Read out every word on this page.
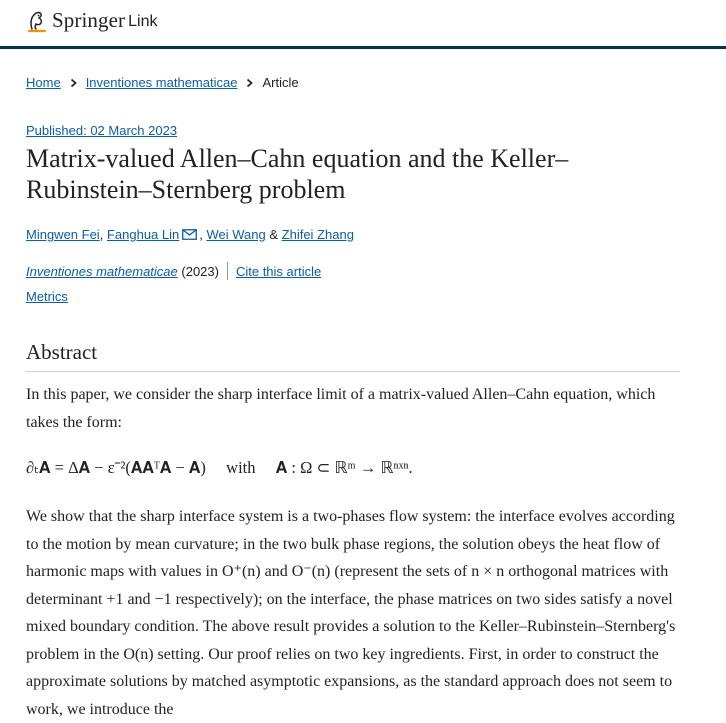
Springer Link
Home Inventiones mathematicae Article
Published: 02 March 2023
Matrix-valued Allen–Cahn equation and the Keller–Rubinstein–Sternberg problem
Mingwen Fei ,
Fanghua Lin ,
Wei Wang
&
Zhifei Zhang
Inventiones mathematicae
(2023) Cite this article
Metrics
Abstract

In this paper, we consider the sharp interface limit of a matrix-valued Allen–Cahn equation, which takes the form:

∂ₜ𝐀 = Δ𝐀 − ε⁻²(𝐀𝐀ᵀ𝐀 − 𝐀) with 𝐀 : Ω ⊂ ℝᵐ → ℝⁿˣⁿ.

We show that the sharp interface system is a two-phases flow system: the interface evolves according to the motion by mean curvature; in the two bulk phase regions, the solution obeys the heat flow of harmonic maps with values in O⁺(n) and O⁻(n) (represent the sets of n × n orthogonal matrices with determinant +1 and −1 respectively); on the interface, the phase matrices on two sides satisfy a novel mixed boundary condition. The above result provides a solution to the Keller–Rubinstein–Sternberg's problem in the O(n) setting. Our proof relies on two key ingredients. First, in order to construct the approximate solutions by matched asymptotic expansions, as the standard approach does not seem to work, we introduce the
